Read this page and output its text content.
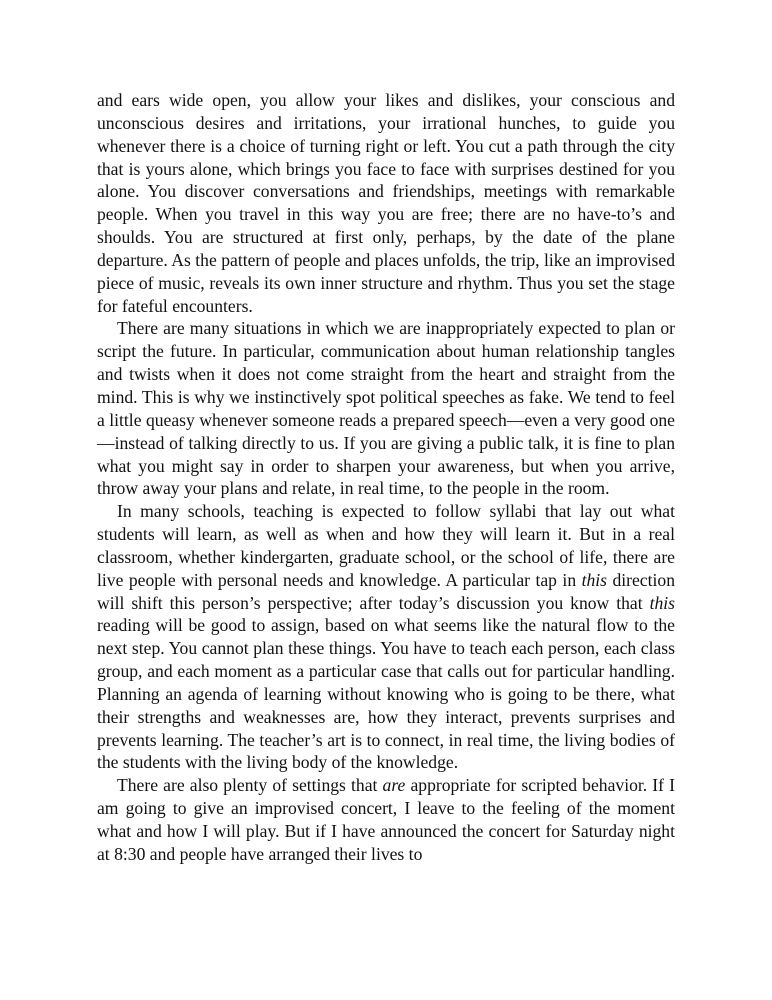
and ears wide open, you allow your likes and dislikes, your conscious and unconscious desires and irritations, your irrational hunches, to guide you whenever there is a choice of turning right or left. You cut a path through the city that is yours alone, which brings you face to face with surprises destined for you alone. You discover conversations and friendships, meetings with remarkable people. When you travel in this way you are free; there are no have-to’s and shoulds. You are structured at first only, perhaps, by the date of the plane departure. As the pattern of people and places unfolds, the trip, like an improvised piece of music, reveals its own inner structure and rhythm. Thus you set the stage for fateful encounters.

There are many situations in which we are inappropriately expected to plan or script the future. In particular, communication about human relationship tangles and twists when it does not come straight from the heart and straight from the mind. This is why we instinctively spot political speeches as fake. We tend to feel a little queasy whenever someone reads a prepared speech—even a very good one—instead of talking directly to us. If you are giving a public talk, it is fine to plan what you might say in order to sharpen your awareness, but when you arrive, throw away your plans and relate, in real time, to the people in the room.

In many schools, teaching is expected to follow syllabi that lay out what students will learn, as well as when and how they will learn it. But in a real classroom, whether kindergarten, graduate school, or the school of life, there are live people with personal needs and knowledge. A particular tap in this direction will shift this person’s perspective; after today’s discussion you know that this reading will be good to assign, based on what seems like the natural flow to the next step. You cannot plan these things. You have to teach each person, each class group, and each moment as a particular case that calls out for particular handling. Planning an agenda of learning without knowing who is going to be there, what their strengths and weaknesses are, how they interact, prevents surprises and prevents learning. The teacher’s art is to connect, in real time, the living bodies of the students with the living body of the knowledge.

There are also plenty of settings that are appropriate for scripted behavior. If I am going to give an improvised concert, I leave to the feeling of the moment what and how I will play. But if I have announced the concert for Saturday night at 8:30 and people have arranged their lives to
